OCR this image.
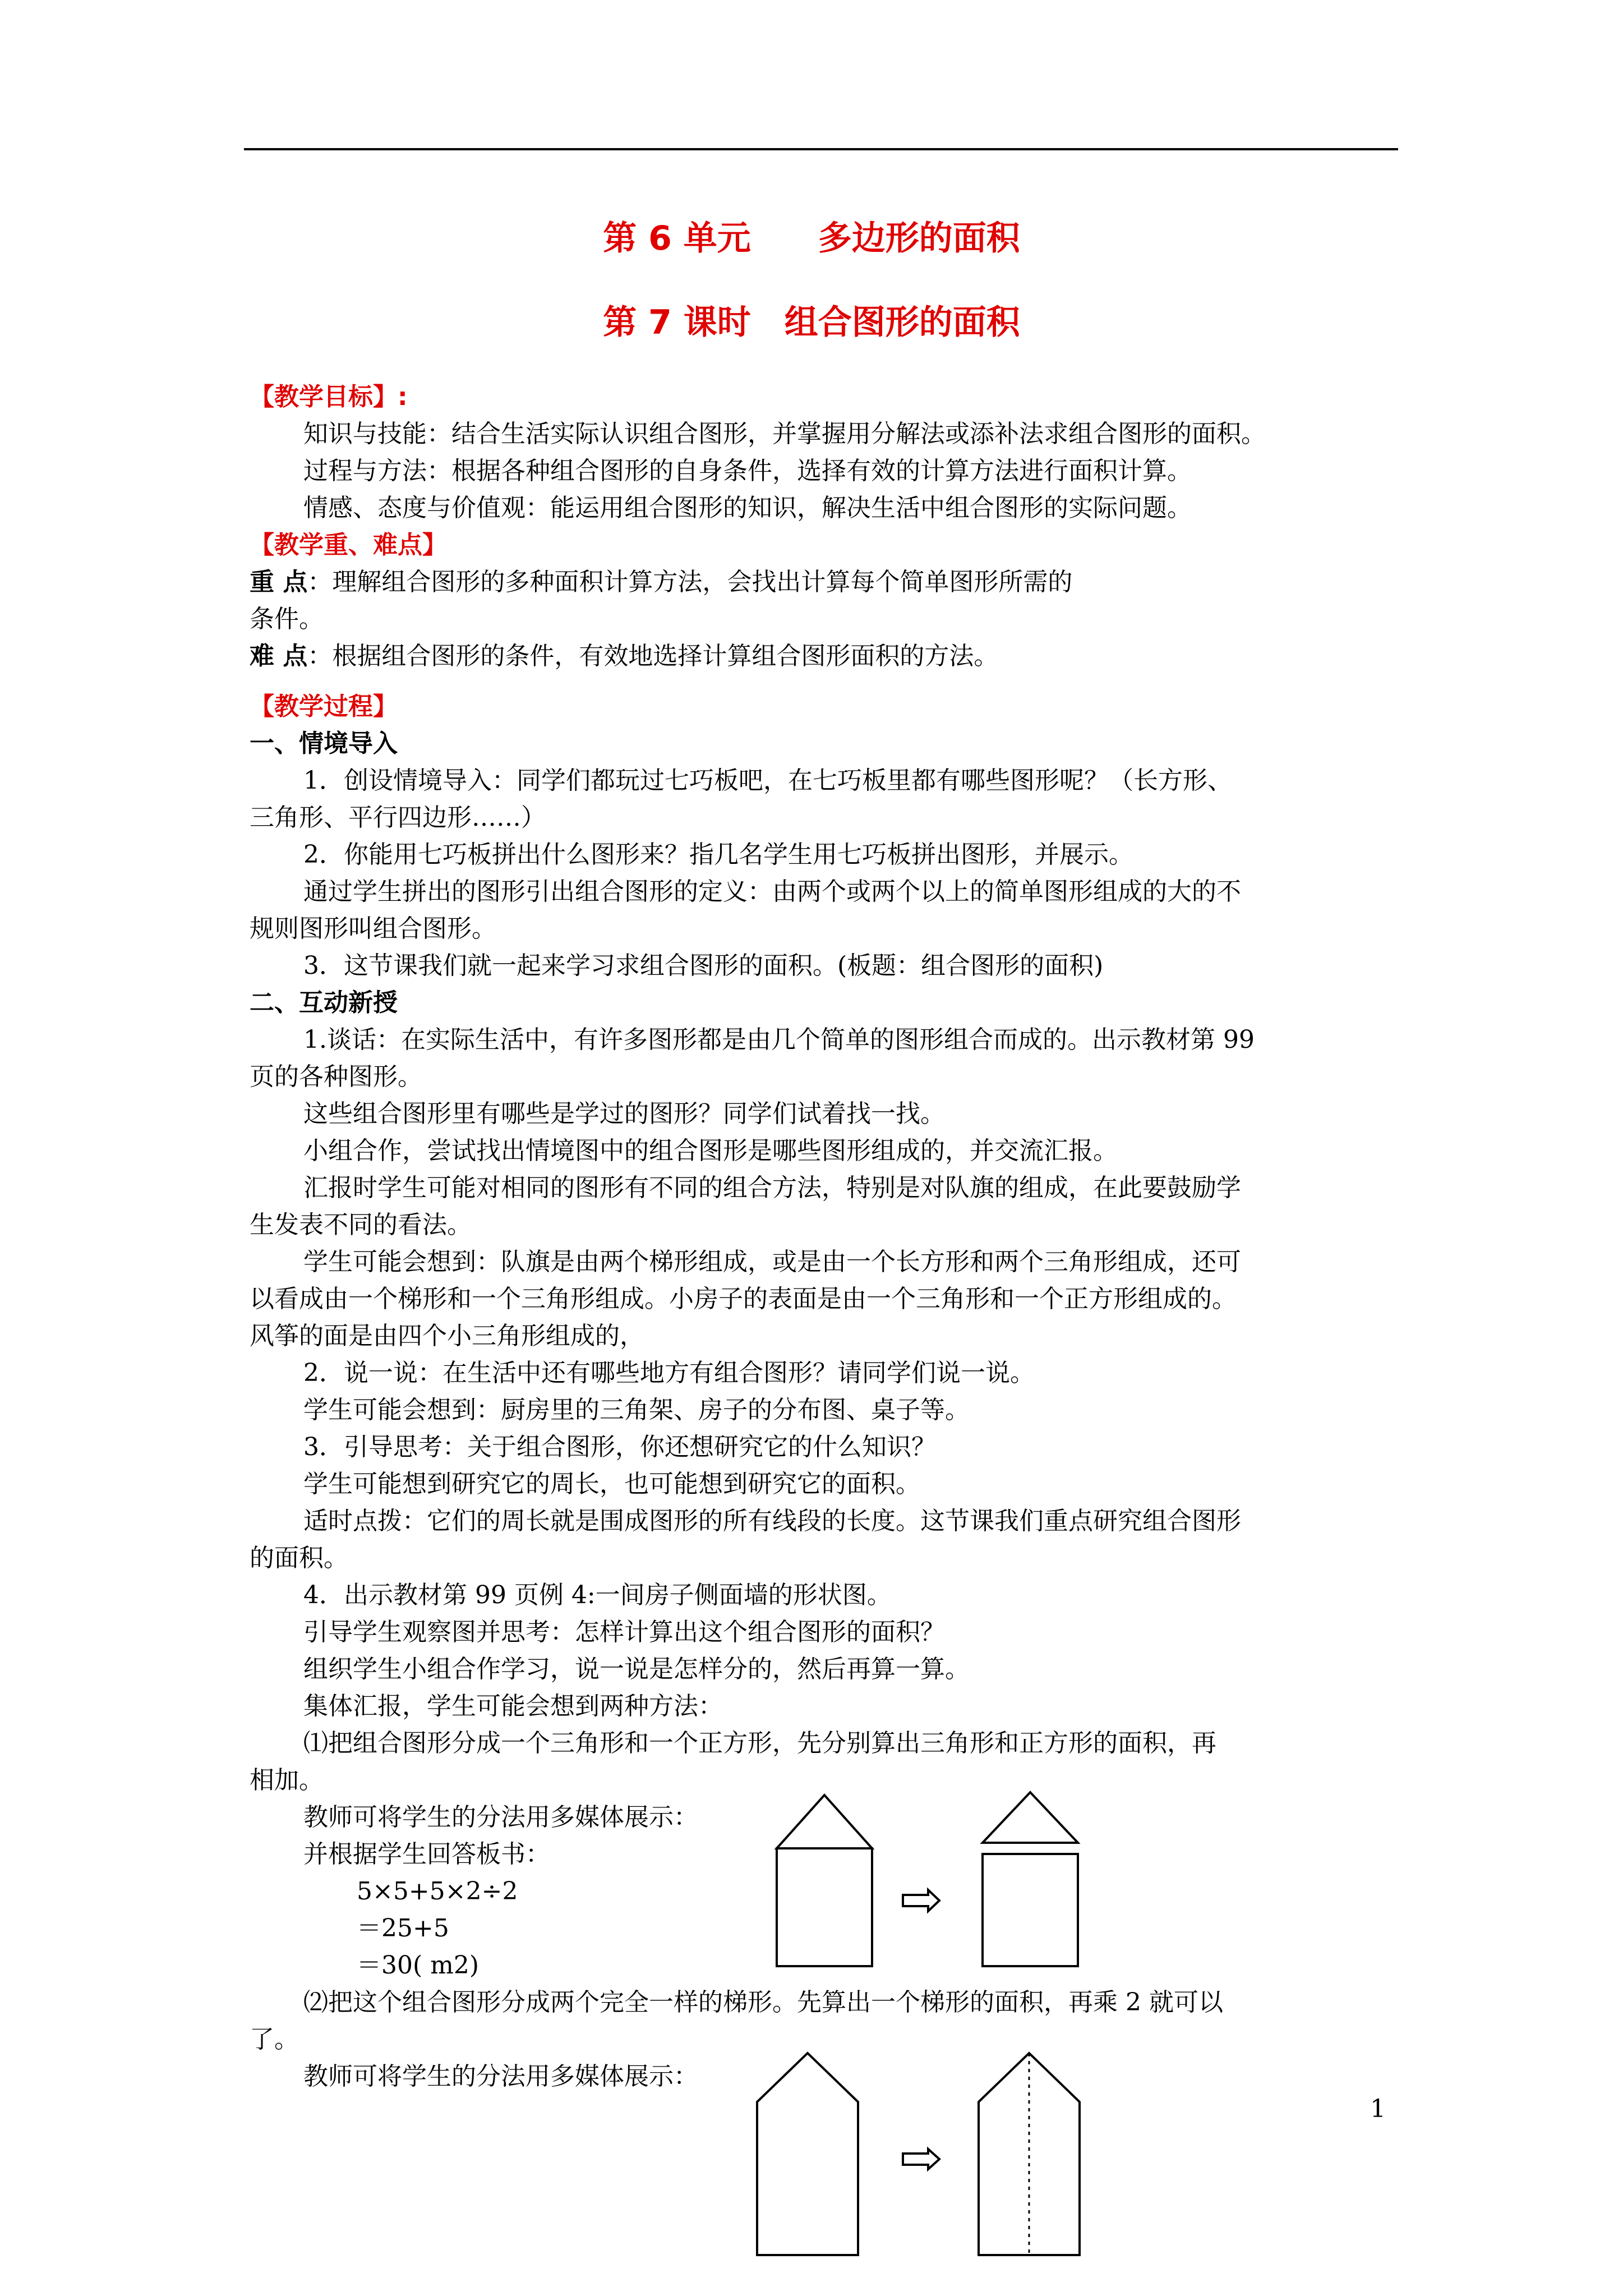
第 6 单元　　多边形的面积
第 7 课时　组合图形的面积
【教学目标】:
知识与技能：结合生活实际认识组合图形，并掌握用分解法或添补法求组合图形的面积。
过程与方法：根据各种组合图形的自身条件，选择有效的计算方法进行面积计算。
情感、态度与价值观：能运用组合图形的知识，解决生活中组合图形的实际问题。
【教学重、难点】
重 点：理解组合图形的多种面积计算方法，会找出计算每个简单图形所需的
条件。
难 点：根据组合图形的条件，有效地选择计算组合图形面积的方法。
【教学过程】
一、情境导入
1．创设情境导入：同学们都玩过七巧板吧，在七巧板里都有哪些图形呢？（长方形、
三角形、平行四边形……）
2．你能用七巧板拼出什么图形来？指几名学生用七巧板拼出图形，并展示。
通过学生拼出的图形引出组合图形的定义：由两个或两个以上的简单图形组成的大的不
规则图形叫组合图形。
3．这节课我们就一起来学习求组合图形的面积。(板题：组合图形的面积)
二、互动新授
1.谈话：在实际生活中，有许多图形都是由几个简单的图形组合而成的。出示教材第 99
页的各种图形。
这些组合图形里有哪些是学过的图形？同学们试着找一找。
小组合作，尝试找出情境图中的组合图形是哪些图形组成的，并交流汇报。
汇报时学生可能对相同的图形有不同的组合方法，特别是对队旗的组成，在此要鼓励学
生发表不同的看法。
学生可能会想到：队旗是由两个梯形组成，或是由一个长方形和两个三角形组成，还可
以看成由一个梯形和一个三角形组成。小房子的表面是由一个三角形和一个正方形组成的。
风筝的面是由四个小三角形组成的，
2．说一说：在生活中还有哪些地方有组合图形？请同学们说一说。
学生可能会想到：厨房里的三角架、房子的分布图、桌子等。
3．引导思考：关于组合图形，你还想研究它的什么知识？
学生可能想到研究它的周长，也可能想到研究它的面积。
适时点拨：它们的周长就是围成图形的所有线段的长度。这节课我们重点研究组合图形
的面积。
4．出示教材第 99 页例 4:一间房子侧面墙的形状图。
引导学生观察图并思考：怎样计算出这个组合图形的面积？
组织学生小组合作学习，说一说是怎样分的，然后再算一算。
集体汇报，学生可能会想到两种方法：
⑴把组合图形分成一个三角形和一个正方形，先分别算出三角形和正方形的面积，再
相加。
教师可将学生的分法用多媒体展示：
并根据学生回答板书：
5×5+5×2÷2
＝25+5
＝30( m2)
⑵把这个组合图形分成两个完全一样的梯形。先算出一个梯形的面积，再乘 2 就可以
了。
教师可将学生的分法用多媒体展示：
1
